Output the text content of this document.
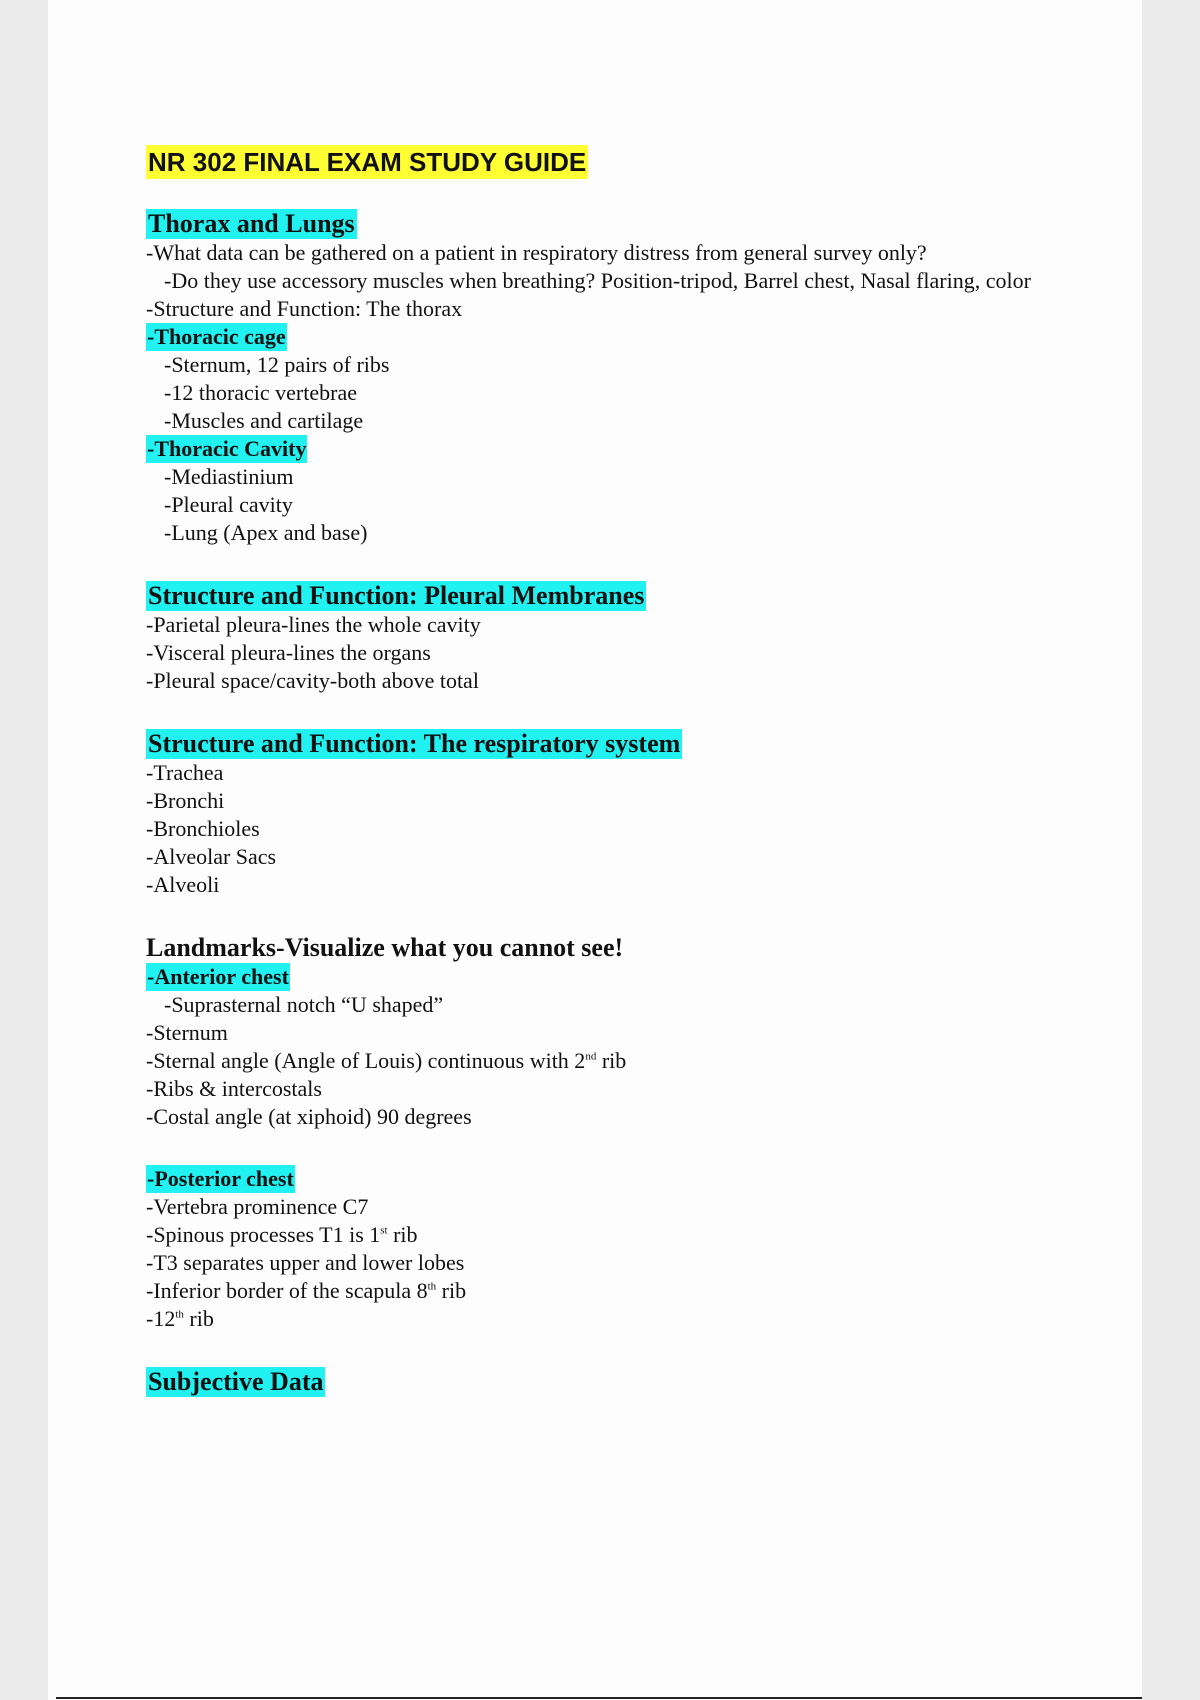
NR 302 FINAL EXAM STUDY GUIDE
Thorax and Lungs
-What data can be gathered on a patient in respiratory distress from general survey only?
-Do they use accessory muscles when breathing? Position-tripod, Barrel chest, Nasal flaring, color
-Structure and Function: The thorax
-Thoracic cage
-Sternum, 12 pairs of ribs
-12 thoracic vertebrae
-Muscles and cartilage
-Thoracic Cavity
-Mediastinium
-Pleural cavity
-Lung (Apex and base)
Structure and Function: Pleural Membranes
-Parietal pleura-lines the whole cavity
-Visceral pleura-lines the organs
-Pleural space/cavity-both above total
Structure and Function: The respiratory system
-Trachea
-Bronchi
-Bronchioles
-Alveolar Sacs
-Alveoli
Landmarks-Visualize what you cannot see!
-Anterior chest
-Suprasternal notch “U shaped”
-Sternum
-Sternal angle (Angle of Louis) continuous with 2nd rib
-Ribs & intercostals
-Costal angle (at xiphoid) 90 degrees
-Posterior chest
-Vertebra prominence C7
-Spinous processes T1 is 1st rib
-T3 separates upper and lower lobes
-Inferior border of the scapula 8th rib
-12th rib
Subjective Data
